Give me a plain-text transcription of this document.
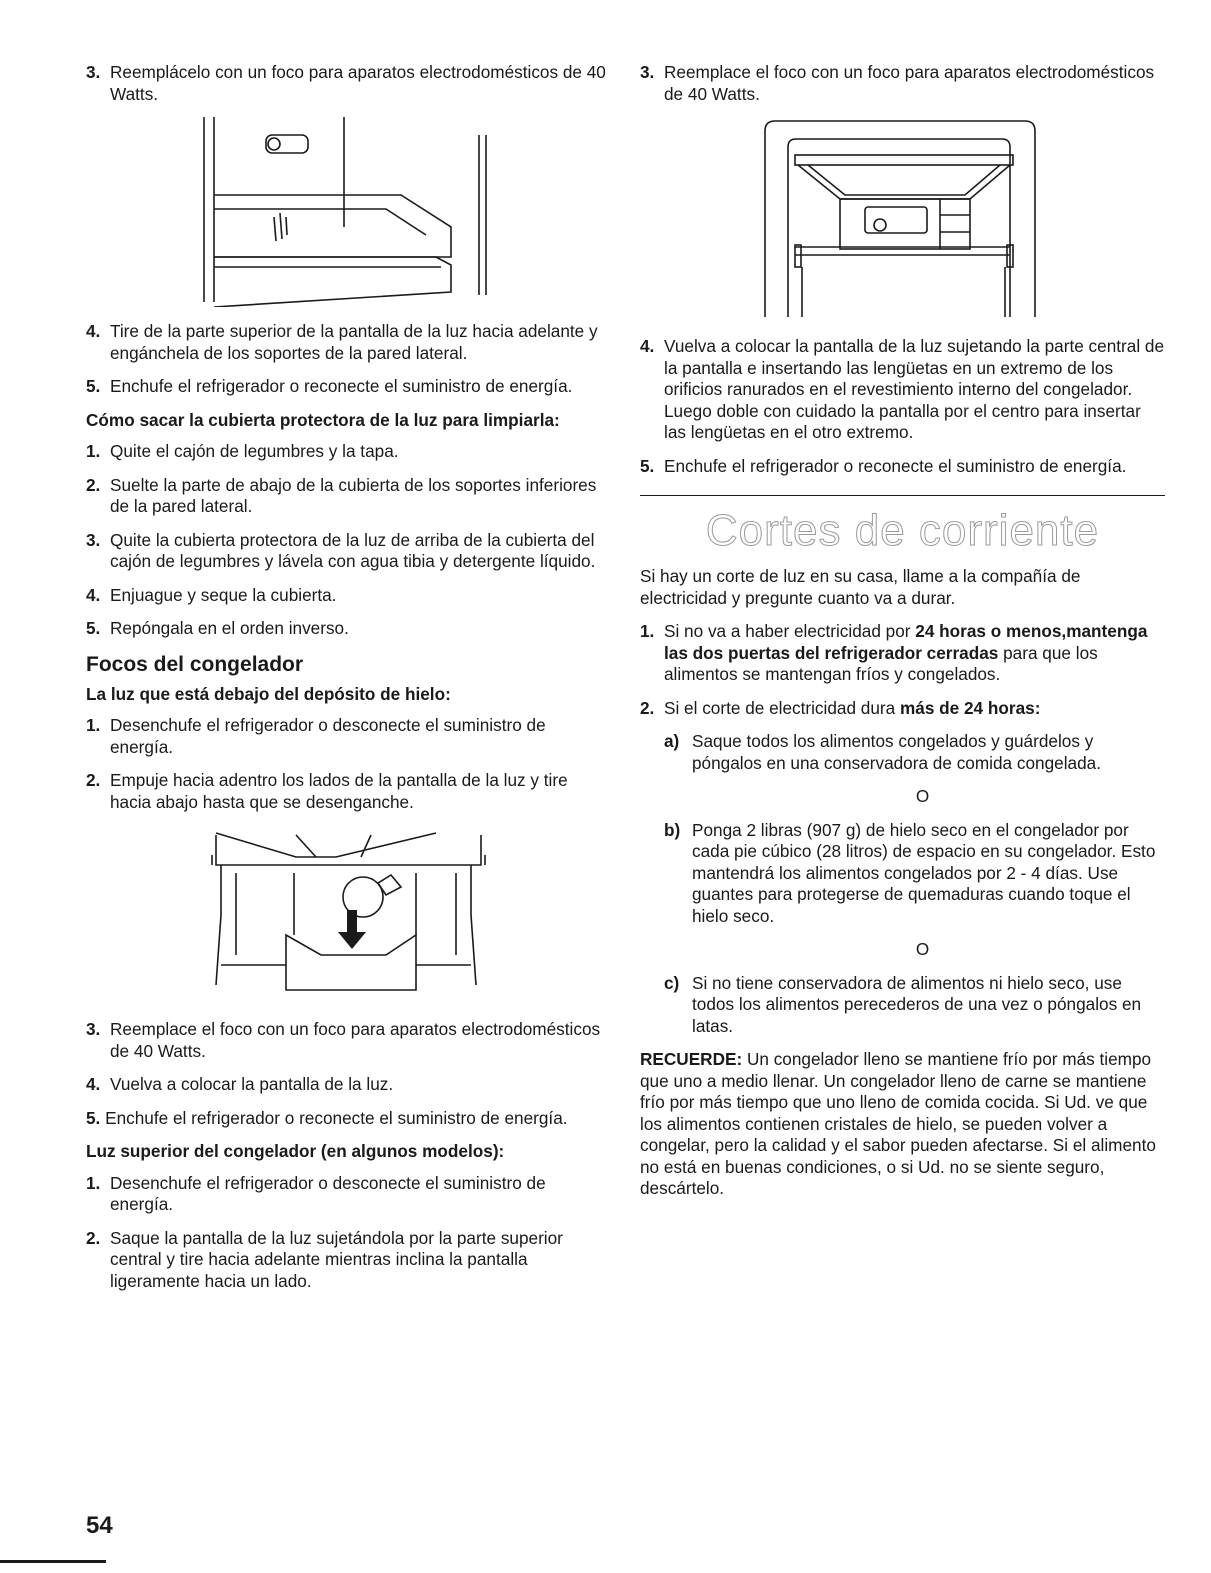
3. Reemplácelo con un foco para aparatos electrodomésticos de 40 Watts.
4. Tire de la parte superior de la pantalla de la luz hacia adelante y engánchela de los soportes de la pared lateral.
5. Enchufe el refrigerador o reconecte el suministro de energía.
Cómo sacar la cubierta protectora de la luz para limpiarla:
1. Quite el cajón de legumbres y la tapa.
2. Suelte la parte de abajo de la cubierta de los soportes inferiores de la pared lateral.
3. Quite la cubierta protectora de la luz de arriba de la cubierta del cajón de legumbres y lávela con agua tibia y detergente líquido.
4. Enjuague y seque la cubierta.
5. Repóngala en el orden inverso.
Focos del congelador
La luz que está debajo del depósito de hielo:
1. Desenchufe el refrigerador o desconecte el suministro de energía.
2. Empuje hacia adentro los lados de la pantalla de la luz y tire hacia abajo hasta que se desenganche.
3. Reemplace el foco con un foco para aparatos electrodomésticos de 40 Watts.
4. Vuelva a colocar la pantalla de la luz.
5. Enchufe el refrigerador o reconecte el suministro de energía.
Luz superior del congelador (en algunos modelos):
1. Desenchufe el refrigerador o desconecte el suministro de energía.
2. Saque la pantalla de la luz sujetándola por la parte superior central y tire hacia adelante mientras inclina la pantalla ligeramente hacia un lado.
3. Reemplace el foco con un foco para aparatos electrodomésticos de 40 Watts.
4. Vuelva a colocar la pantalla de la luz sujetando la parte central de la pantalla e insertando las lengüetas en un extremo de los orificios ranurados en el revestimiento interno del congelador. Luego doble con cuidado la pantalla por el centro para insertar las lengüetas en el otro extremo.
5. Enchufe el refrigerador o reconecte el suministro de energía.
Cortes de corriente

Si hay un corte de luz en su casa, llame a la compañía de electricidad y pregunte cuanto va a durar.

1. Si no va a haber electricidad por 24 horas o menos,mantenga las dos puertas del refrigerador cerradas para que los alimentos se mantengan fríos y congelados.
2. Si el corte de electricidad dura más de 24 horas:
a) Saque todos los alimentos congelados y guárdelos y póngalos en una conservadora de comida congelada.
O
b) Ponga 2 libras (907 g) de hielo seco en el congelador por cada pie cúbico (28 litros) de espacio en su congelador. Esto mantendrá los alimentos congelados por 2 - 4 días. Use guantes para protegerse de quemaduras cuando toque el hielo seco.
O
c) Si no tiene conservadora de alimentos ni hielo seco, use todos los alimentos perecederos de una vez o póngalos en latas.

RECUERDE: Un congelador lleno se mantiene frío por más tiempo que uno a medio llenar. Un congelador lleno de carne se mantiene frío por más tiempo que uno lleno de comida cocida. Si Ud. ve que los alimentos contienen cristales de hielo, se pueden volver a congelar, pero la calidad y el sabor pueden afectarse. Si el alimento no está en buenas condiciones, o si Ud. no se siente seguro, descártelo.

54
